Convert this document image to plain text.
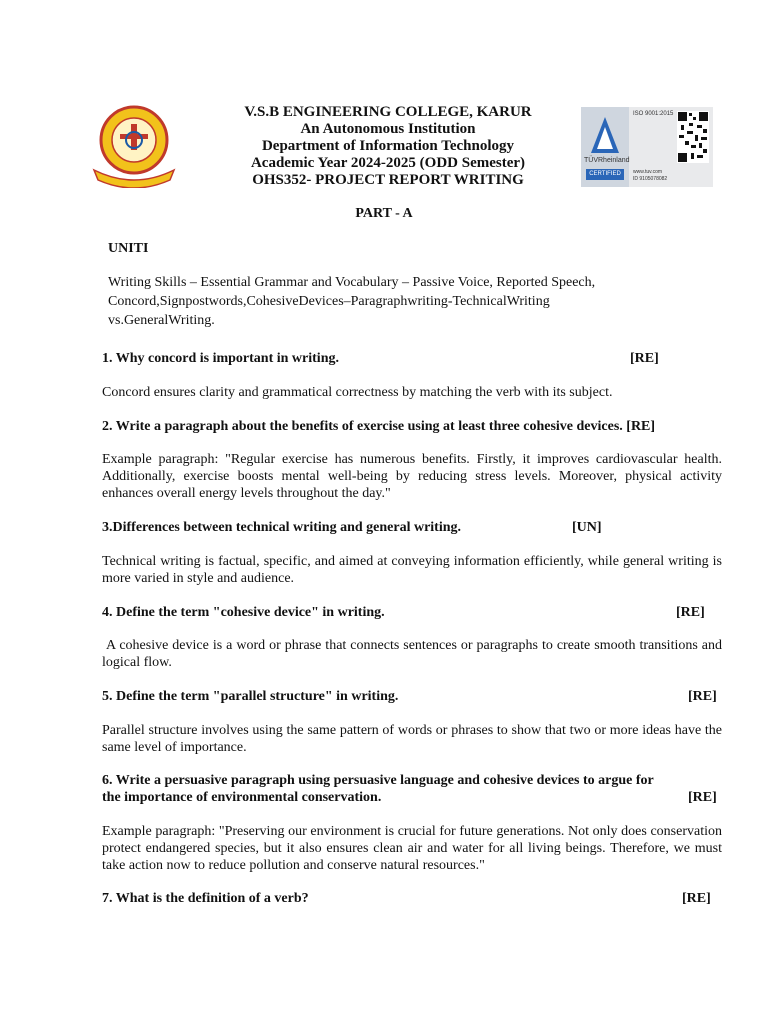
V.S.B ENGINEERING COLLEGE, KARUR
An Autonomous Institution
Department of Information Technology
Academic Year 2024-2025 (ODD Semester)
OHS352- PROJECT REPORT WRITING
TÜVRheinland
CERTIFIED
ISO 9001:2015
www.tuv.com
ID 9105078082
PART - A
UNITI
Writing Skills – Essential Grammar and Vocabulary – Passive Voice, Reported Speech,
Concord,Signpostwords,CohesiveDevices–Paragraphwriting-TechnicalWriting
vs.GeneralWriting.
1. Why concord is important in writing.	[RE]
Concord ensures clarity and grammatical correctness by matching the verb with its subject.
2. Write a paragraph about the benefits of exercise using at least three cohesive devices. [RE]
Example paragraph: "Regular exercise has numerous benefits. Firstly, it improves cardiovascular health. Additionally, exercise boosts mental well-being by reducing stress levels. Moreover, physical activity enhances overall energy levels throughout the day."
3.Differences between technical writing and general writing.	[UN]
Technical writing is factual, specific, and aimed at conveying information efficiently, while general writing is more varied in style and audience.
4. Define the term "cohesive device" in writing.	[RE]
A cohesive device is a word or phrase that connects sentences or paragraphs to create smooth transitions and logical flow.
5. Define the term "parallel structure" in writing.	[RE]
Parallel structure involves using the same pattern of words or phrases to show that two or more ideas have the same level of importance.
6. Write a persuasive paragraph using persuasive language and cohesive devices to argue for
the importance of environmental conservation.	[RE]
Example paragraph: "Preserving our environment is crucial for future generations. Not only does conservation protect endangered species, but it also ensures clean air and water for all living beings. Therefore, we must take action now to reduce pollution and conserve natural resources."
7. What is the definition of a verb?	[RE]
